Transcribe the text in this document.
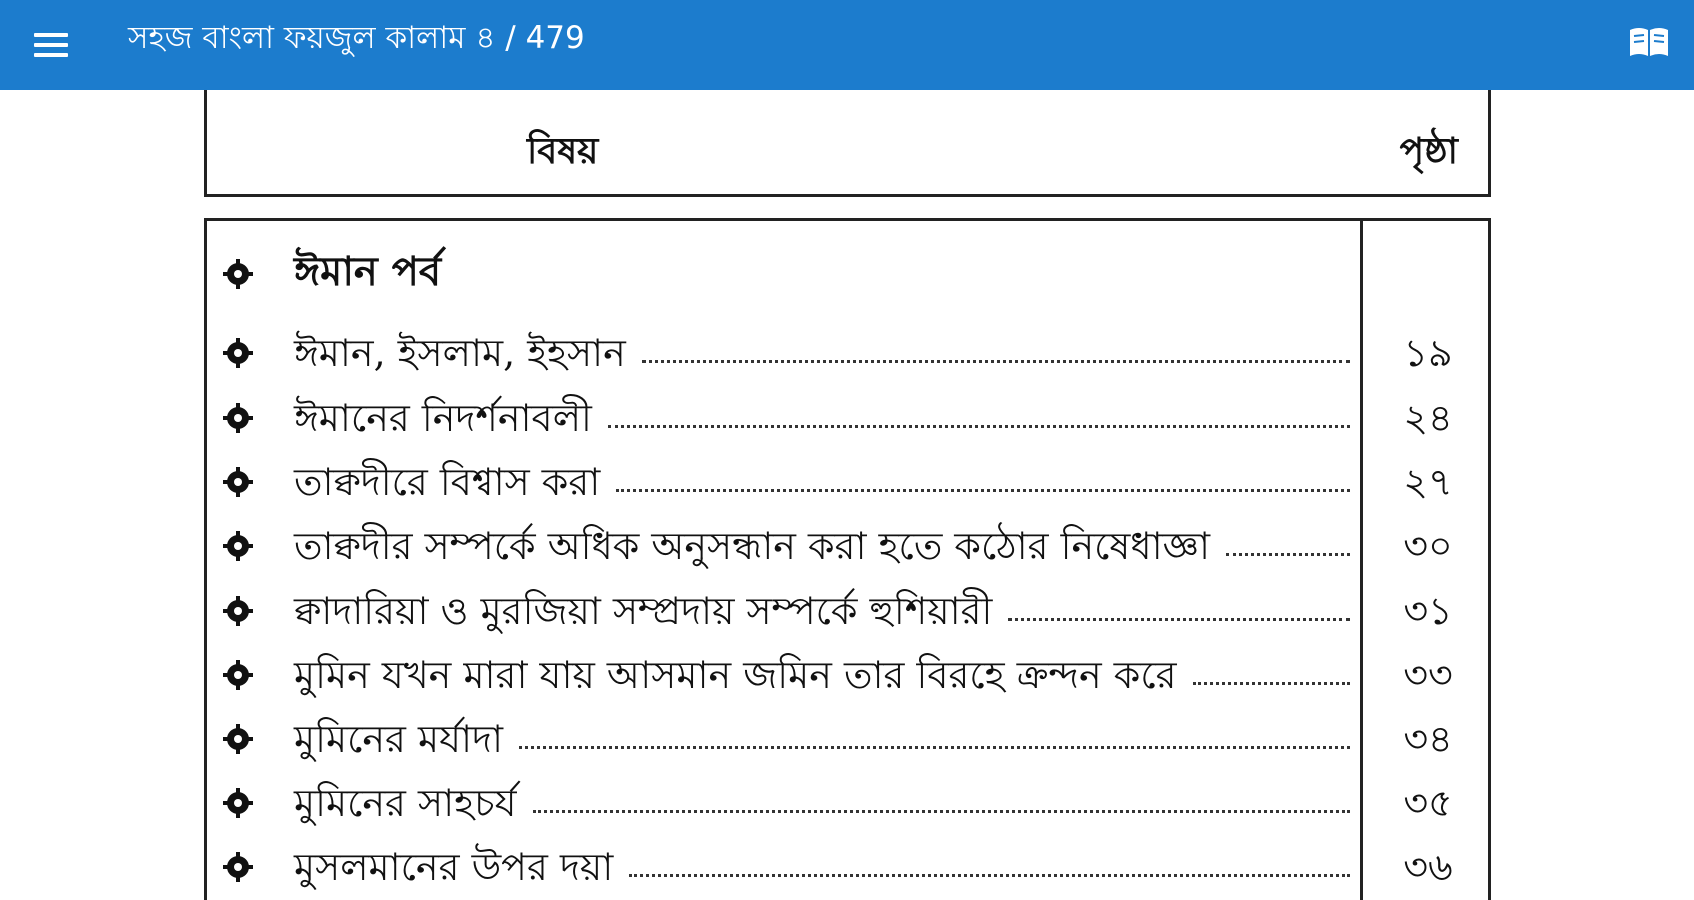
সহজ বাংলা ফয়জুল কালাম ৪ / 479
বিষয়	পৃষ্ঠা
ঈমান পর্ব
ঈমান, ইসলাম, ইহসান	১৯
ঈমানের নিদর্শনাবলী	২৪
তাক্বদীরে বিশ্বাস করা	২৭
তাক্বদীর সম্পর্কে অধিক অনুসন্ধান করা হতে কঠোর নিষেধাজ্ঞা	৩০
ক্বাদারিয়া ও মুরজিয়া সম্প্রদায় সম্পর্কে হুশিয়ারী	৩১
মুমিন যখন মারা যায় আসমান জমিন তার বিরহে ক্রন্দন করে	৩৩
মুমিনের মর্যাদা	৩৪
মুমিনের সাহচর্য	৩৫
মুসলমানের উপর দয়া	৩৬
